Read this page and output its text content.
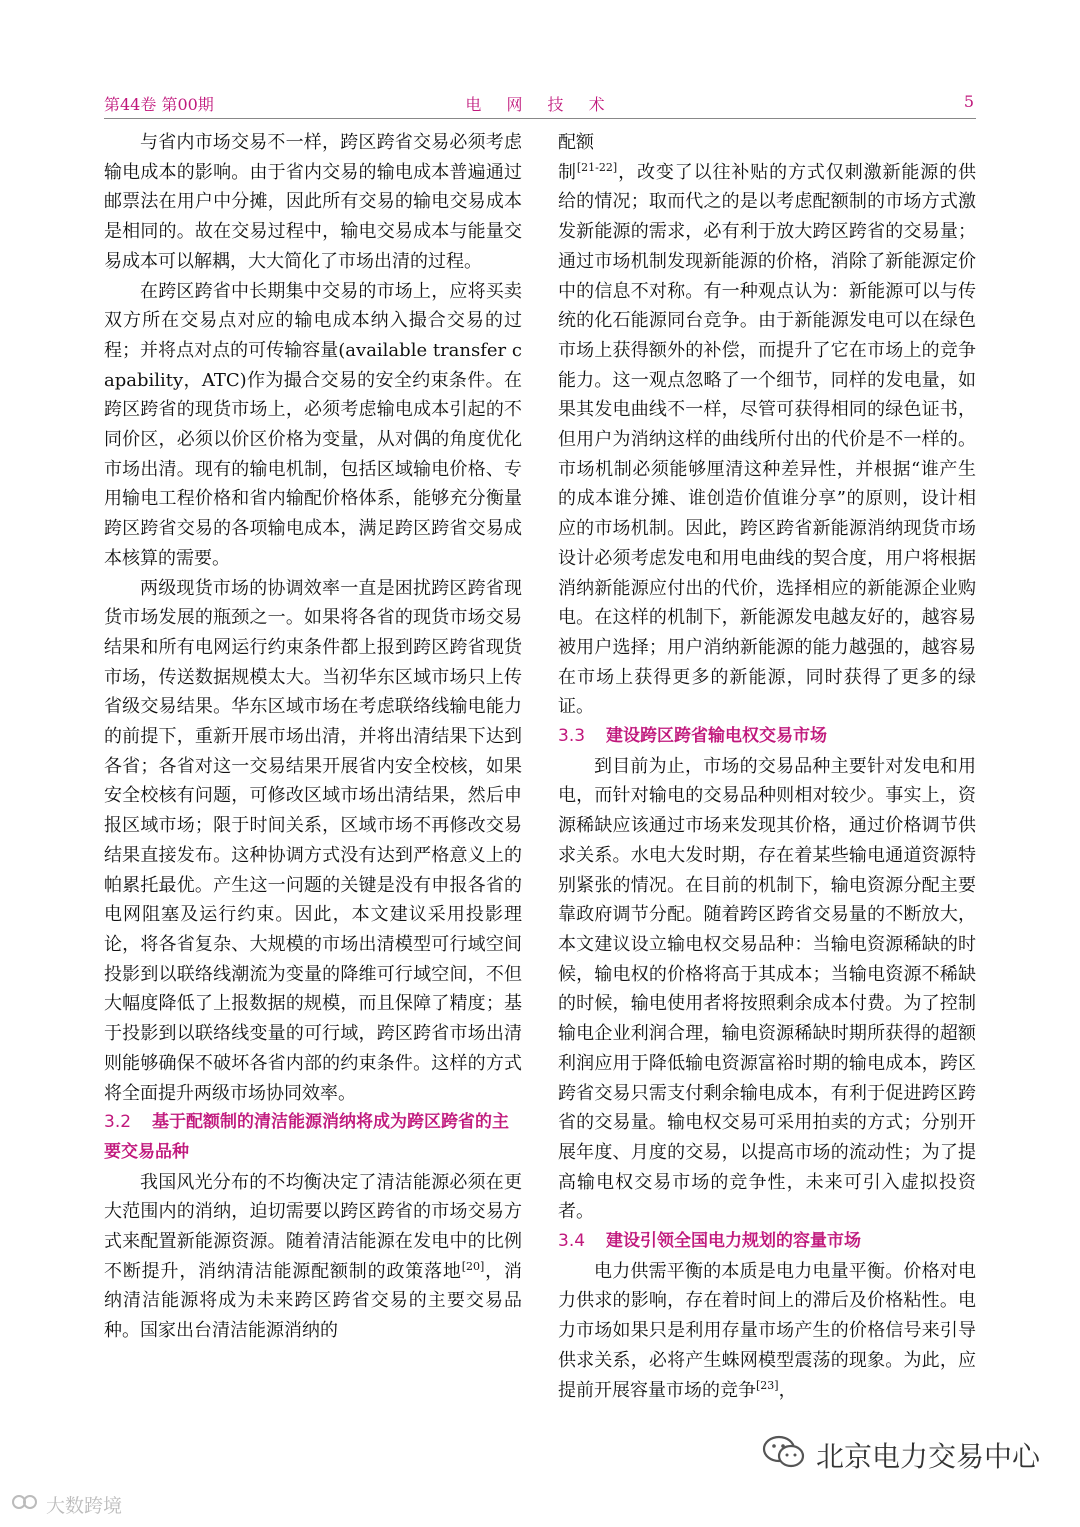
第44卷 第00期	电 网 技 术	5

与省内市场交易不一样，跨区跨省交易必须考虑输电成本的影响。由于省内交易的输电成本普遍通过邮票法在用户中分摊，因此所有交易的输电交易成本是相同的。故在交易过程中，输电交易成本与能量交易成本可以解耦，大大简化了市场出清的过程。

在跨区跨省中长期集中交易的市场上，应将买卖双方所在交易点对应的输电成本纳入撮合交易的过程；并将点对点的可传输容量(available transfer capability，ATC)作为撮合交易的安全约束条件。在跨区跨省的现货市场上，必须考虑输电成本引起的不同价区，必须以价区价格为变量，从对偶的角度优化市场出清。现有的输电机制，包括区域输电价格、专用输电工程价格和省内输配价格体系，能够充分衡量跨区跨省交易的各项输电成本，满足跨区跨省交易成本核算的需要。

两级现货市场的协调效率一直是困扰跨区跨省现货市场发展的瓶颈之一。如果将各省的现货市场交易结果和所有电网运行约束条件都上报到跨区跨省现货市场，传送数据规模太大。当初华东区域市场只上传省级交易结果。华东区域市场在考虑联络线输电能力的前提下，重新开展市场出清，并将出清结果下达到各省；各省对这一交易结果开展省内安全校核，如果安全校核有问题，可修改区域市场出清结果，然后申报区域市场；限于时间关系，区域市场不再修改交易结果直接发布。这种协调方式没有达到严格意义上的帕累托最优。产生这一问题的关键是没有申报各省的电网阻塞及运行约束。因此，本文建议采用投影理论，将各省复杂、大规模的市场出清模型可行域空间投影到以联络线潮流为变量的降维可行域空间，不但大幅度降低了上报数据的规模，而且保障了精度；基于投影到以联络线变量的可行域，跨区跨省市场出清则能够确保不破坏各省内部的约束条件。这样的方式将全面提升两级市场协同效率。

3.2 基于配额制的清洁能源消纳将成为跨区跨省的主要交易品种

我国风光分布的不均衡决定了清洁能源必须在更大范围内的消纳，迫切需要以跨区跨省的市场交易方式来配置新能源资源。随着清洁能源在发电中的比例不断提升，消纳清洁能源配额制的政策落地[20]，消纳清洁能源将成为未来跨区跨省交易的主要交易品种。国家出台清洁能源消纳的

配额

制[21-22]，改变了以往补贴的方式仅刺激新能源的供给的情况；取而代之的是以考虑配额制的市场方式激发新能源的需求，必有利于放大跨区跨省的交易量；通过市场机制发现新能源的价格，消除了新能源定价中的信息不对称。有一种观点认为：新能源可以与传统的化石能源同台竞争。由于新能源发电可以在绿色市场上获得额外的补偿，而提升了它在市场上的竞争能力。这一观点忽略了一个细节，同样的发电量，如果其发电曲线不一样，尽管可获得相同的绿色证书，但用户为消纳这样的曲线所付出的代价是不一样的。市场机制必须能够厘清这种差异性，并根据“谁产生的成本谁分摊、谁创造价值谁分享”的原则，设计相应的市场机制。因此，跨区跨省新能源消纳现货市场设计必须考虑发电和用电曲线的契合度，用户将根据消纳新能源应付出的代价，选择相应的新能源企业购电。在这样的机制下，新能源发电越友好的，越容易被用户选择；用户消纳新能源的能力越强的，越容易在市场上获得更多的新能源，同时获得了更多的绿证。

3.3 建设跨区跨省输电权交易市场

到目前为止，市场的交易品种主要针对发电和用电，而针对输电的交易品种则相对较少。事实上，资源稀缺应该通过市场来发现其价格，通过价格调节供求关系。水电大发时期，存在着某些输电通道资源特别紧张的情况。在目前的机制下，输电资源分配主要靠政府调节分配。随着跨区跨省交易量的不断放大，本文建议设立输电权交易品种：当输电资源稀缺的时候，输电权的价格将高于其成本；当输电资源不稀缺的时候，输电使用者将按照剩余成本付费。为了控制输电企业利润合理，输电资源稀缺时期所获得的超额利润应用于降低输电资源富裕时期的输电成本，跨区跨省交易只需支付剩余输电成本，有利于促进跨区跨省的交易量。输电权交易可采用拍卖的方式；分别开展年度、月度的交易，以提高市场的流动性；为了提高输电权交易市场的竞争性，未来可引入虚拟投资者。

3.4 建设引领全国电力规划的容量市场

电力供需平衡的本质是电力电量平衡。价格对电力供求的影响，存在着时间上的滞后及价格粘性。电力市场如果只是利用存量市场产生的价格信号来引导供求关系，必将产生蛛网模型震荡的现象。为此，应提前开展容量市场的竞争[23]，

大数跨境
北京电力交易中心
